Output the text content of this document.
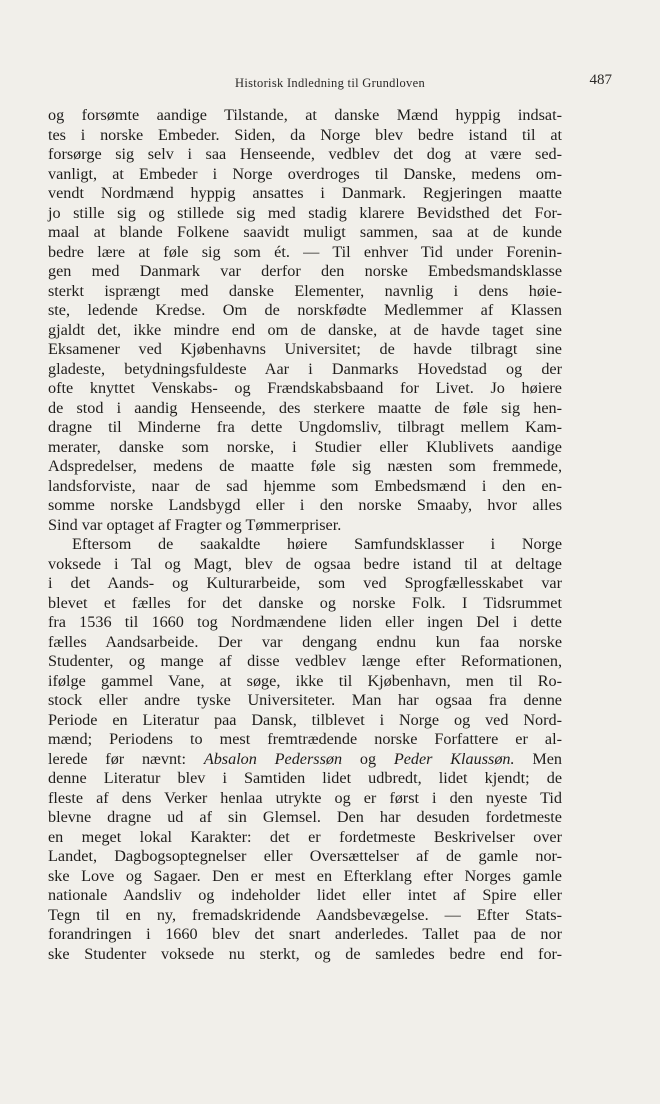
Historisk Indledning til Grundloven	487
og forsømte aandige Tilstande, at danske Mænd hyppig indsat-
tes i norske Embeder. Siden, da Norge blev bedre istand til at
forsørge sig selv i saa Henseende, vedblev det dog at være sed-
vanligt, at Embeder i Norge overdroges til Danske, medens om-
vendt Nordmænd hyppig ansattes i Danmark. Regjeringen maatte
jo stille sig og stillede sig med stadig klarere Bevidsthed det For-
maal at blande Folkene saavidt muligt sammen, saa at de kunde
bedre lære at føle sig som ét. — Til enhver Tid under Forenin-
gen med Danmark var derfor den norske Embedsmandsklasse
sterkt isprængt med danske Elementer, navnlig i dens høie-
ste, ledende Kredse. Om de norskfødte Medlemmer af Klassen
gjaldt det, ikke mindre end om de danske, at de havde taget sine
Eksamener ved Kjøbenhavns Universitet; de havde tilbragt sine
gladeste, betydningsfuldeste Aar i Danmarks Hovedstad og der
ofte knyttet Venskabs- og Frændskabsbaand for Livet. Jo høiere
de stod i aandig Henseende, des sterkere maatte de føle sig hen-
dragne til Minderne fra dette Ungdomsliv, tilbragt mellem Kam-
merater, danske som norske, i Studier eller Klublivets aandige
Adspredelser, medens de maatte føle sig næsten som fremmede,
landsforviste, naar de sad hjemme som Embedsmænd i den en-
somme norske Landsbygd eller i den norske Smaaby, hvor alles
Sind var optaget af Fragter og Tømmerpriser.
Eftersom de saakaldte høiere Samfundsklasser i Norge
voksede i Tal og Magt, blev de ogsaa bedre istand til at deltage
i det Aands- og Kulturarbeide, som ved Sprogfællesskabet var
blevet et fælles for det danske og norske Folk. I Tidsrummet
fra 1536 til 1660 tog Nordmændene liden eller ingen Del i dette
fælles Aandsarbeide. Der var dengang endnu kun faa norske
Studenter, og mange af disse vedblev længe efter Reformationen,
ifølge gammel Vane, at søge, ikke til Kjøbenhavn, men til Ro-
stock eller andre tyske Universiteter. Man har ogsaa fra denne
Periode en Literatur paa Dansk, tilblevet i Norge og ved Nord-
mænd; Periodens to mest fremtrædende norske Forfattere er al-
lerede før nævnt: Absalon Pederssøn og Peder Klaussøn. Men
denne Literatur blev i Samtiden lidet udbredt, lidet kjendt; de
fleste af dens Verker henlaa utrykte og er først i den nyeste Tid
blevne dragne ud af sin Glemsel. Den har desuden fordetmeste
en meget lokal Karakter: det er fordetmeste Beskrivelser over
Landet, Dagbogsoptegnelser eller Oversættelser af de gamle nor-
ske Love og Sagaer. Den er mest en Efterklang efter Norges gamle
nationale Aandsliv og indeholder lidet eller intet af Spire eller
Tegn til en ny, fremadskridende Aandsbevægelse. — Efter Stats-
forandringen i 1660 blev det snart anderledes. Tallet paa de nor
ske Studenter voksede nu sterkt, og de samledes bedre end for-
